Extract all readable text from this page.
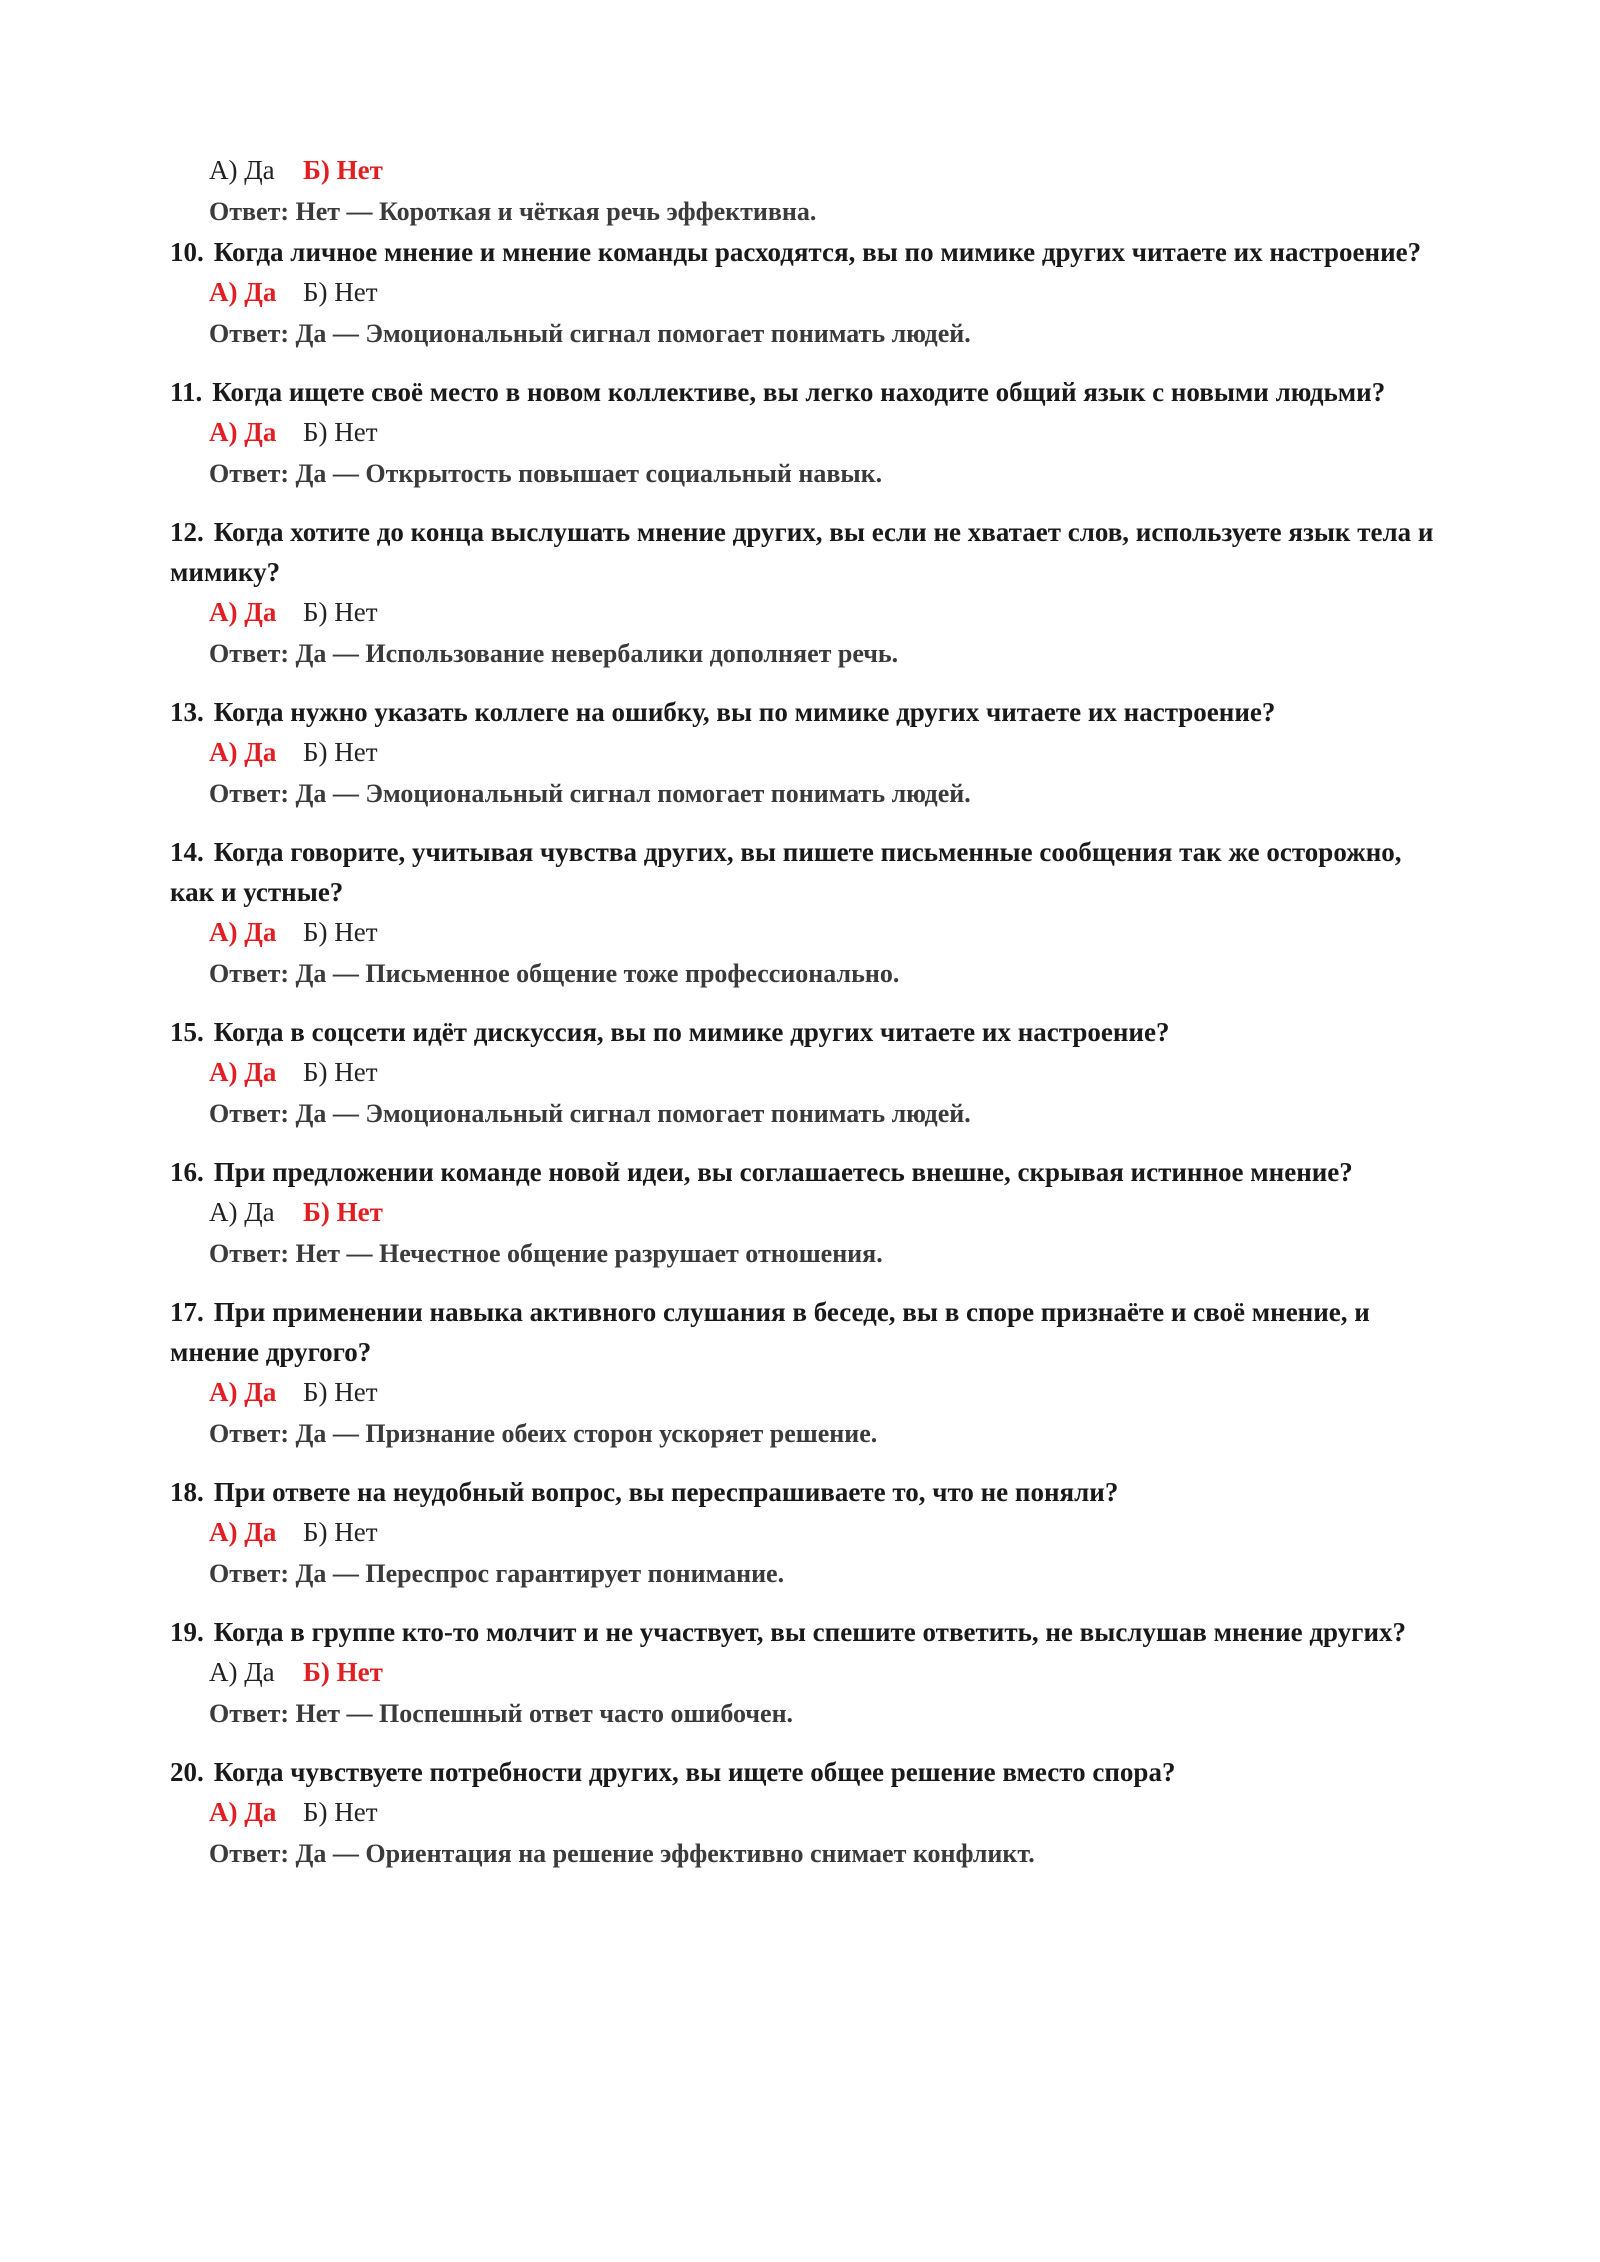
А) Да Б) Нет
Ответ: Нет — Короткая и чёткая речь эффективна.

10. Когда личное мнение и мнение команды расходятся, вы по мимике других читаете их настроение?

А) Да Б) Нет
Ответ: Да — Эмоциональный сигнал помогает понимать людей.

11. Когда ищете своё место в новом коллективе, вы легко находите общий язык с новыми людьми?

А) Да Б) Нет
Ответ: Да — Открытость повышает социальный навык.

12. Когда хотите до конца выслушать мнение других, вы если не хватает слов, используете язык тела и мимику?

А) Да Б) Нет
Ответ: Да — Использование невербалики дополняет речь.

13. Когда нужно указать коллеге на ошибку, вы по мимике других читаете их настроение?

А) Да Б) Нет
Ответ: Да — Эмоциональный сигнал помогает понимать людей.

14. Когда говорите, учитывая чувства других, вы пишете письменные сообщения так же осторожно, как и устные?

А) Да Б) Нет
Ответ: Да — Письменное общение тоже профессионально.

15. Когда в соцсети идёт дискуссия, вы по мимике других читаете их настроение?

А) Да Б) Нет
Ответ: Да — Эмоциональный сигнал помогает понимать людей.

16. При предложении команде новой идеи, вы соглашаетесь внешне, скрывая истинное мнение?

А) Да Б) Нет
Ответ: Нет — Нечестное общение разрушает отношения.

17. При применении навыка активного слушания в беседе, вы в споре признаёте и своё мнение, и мнение другого?

А) Да Б) Нет
Ответ: Да — Признание обеих сторон ускоряет решение.

18. При ответе на неудобный вопрос, вы переспрашиваете то, что не поняли?

А) Да Б) Нет
Ответ: Да — Переспрос гарантирует понимание.

19. Когда в группе кто-то молчит и не участвует, вы спешите ответить, не выслушав мнение других?

А) Да Б) Нет
Ответ: Нет — Поспешный ответ часто ошибочен.

20. Когда чувствуете потребности других, вы ищете общее решение вместо спора?

А) Да Б) Нет
Ответ: Да — Ориентация на решение эффективно снимает конфликт.
